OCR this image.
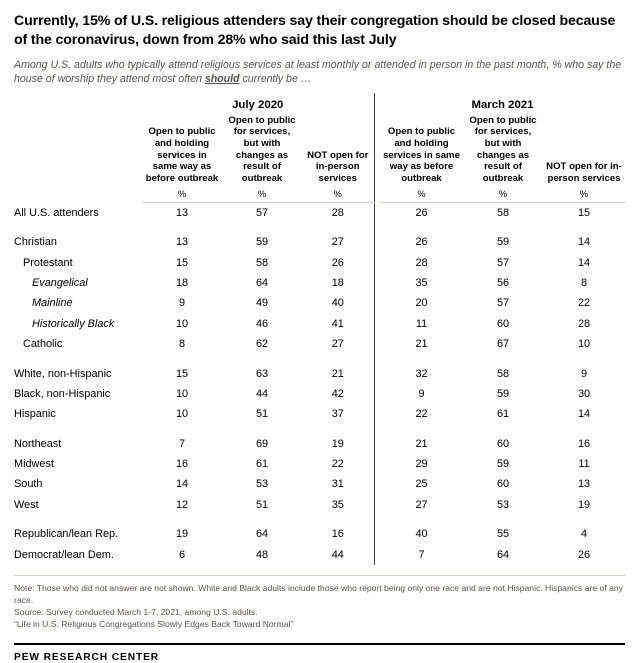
Currently, 15% of U.S. religious attenders say their congregation should be closed because of the coronavirus, down from 28% who said this last July
Among U.S. adults who typically attend religious services at least monthly or attended in person in the past month, % who say the house of worship they attend most often should currently be …
	July 2020				March 2021		
	Open to public and holding services in same way as before outbreak	Open to public for services, but with changes as result of outbreak	NOT open for in-person services		Open to public and holding services in same way as before outbreak	Open to public for services, but with changes as result of outbreak	NOT open for in-person services
	%	%	%		%	%	%
All U.S. attenders	13	57	28		26	58	15

Christian	13	59	27		26	59	14
Protestant	15	58	26		28	57	14
Evangelical	18	64	18		35	56	8
Mainline	9	49	40		20	57	22
Historically Black	10	46	41		11	60	28
Catholic	8	62	27		21	67	10

White, non-Hispanic	15	63	21		32	58	9
Black, non-Hispanic	10	44	42		9	59	30
Hispanic	10	51	37		22	61	14

Northeast	7	69	19		21	60	16
Midwest	16	61	22		29	59	11
South	14	53	31		25	60	13
West	12	51	35		27	53	19

Republican/lean Rep.	19	64	16		40	55	4
Democrat/lean Dem.	6	48	44		7	64	26
Note: Those who did not answer are not shown. White and Black adults include those who report being only one race and are not Hispanic. Hispanics are of any race.
Source: Survey conducted March 1-7, 2021, among U.S. adults.
“Life in U.S. Religious Congregations Slowly Edges Back Toward Normal”
PEW RESEARCH CENTER
